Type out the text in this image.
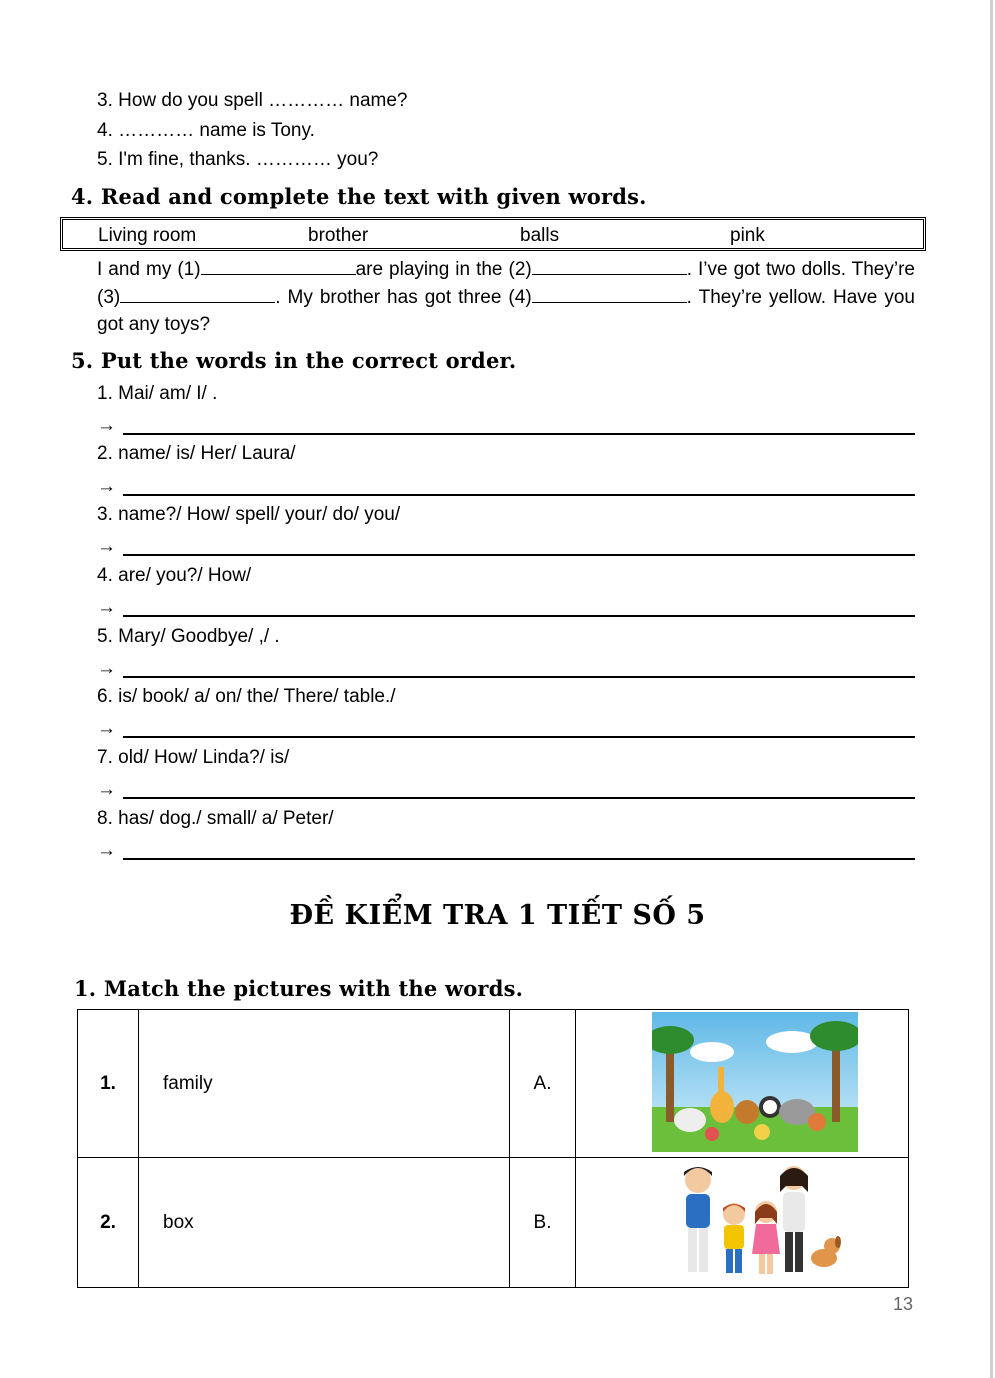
3. How do you spell ………… name?
4. ………… name is Tony.
5. I'm fine, thanks. ………… you?
4. Read and complete the text with given words.
Living room	brother	balls	pink
I and my (1)	are playing in the (2)	. I’ve got two dolls. They’re (3)	. My brother has got three (4)	. They’re yellow. Have you got any toys?
5. Put the words in the correct order.
1. Mai/ am/ I/ .
→
2. name/ is/ Her/ Laura/
→
3. name?/ How/ spell/ your/ do/ you/
→
4. are/ you?/ How/
→
5. Mary/ Goodbye/ ,/ .
→
6. is/ book/ a/ on/ the/ There/ table./
→
7. old/ How/ Linda?/ is/
→
8. has/ dog./ small/ a/ Peter/
→
ĐỀ KIỂM TRA 1 TIẾT SỐ 5
1. Match the pictures with the words.
1.	family	A.	

2.	box	B.	
13
